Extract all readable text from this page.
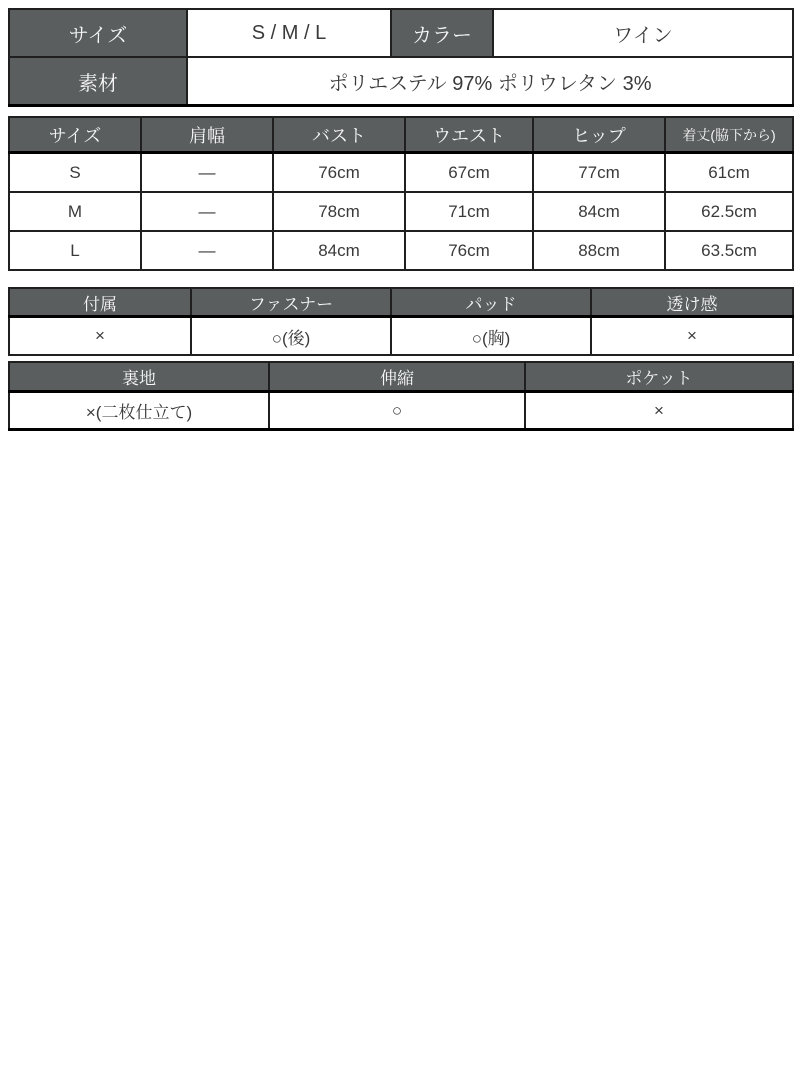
サイズ	S / M / L	カラー	ワイン
素材	ポリエステル 97% ポリウレタン 3%		
サイズ	肩幅	バスト	ウエスト	ヒップ	着丈(脇下から)
S	—	76cm	67cm	77cm	61cm
M	—	78cm	71cm	84cm	62.5cm
L	—	84cm	76cm	88cm	63.5cm
付属	ファスナー	パッド	透け感
×	○(後)	○(胸)	×
裏地	伸縮	ポケット
×(二枚仕立て)	○	×
